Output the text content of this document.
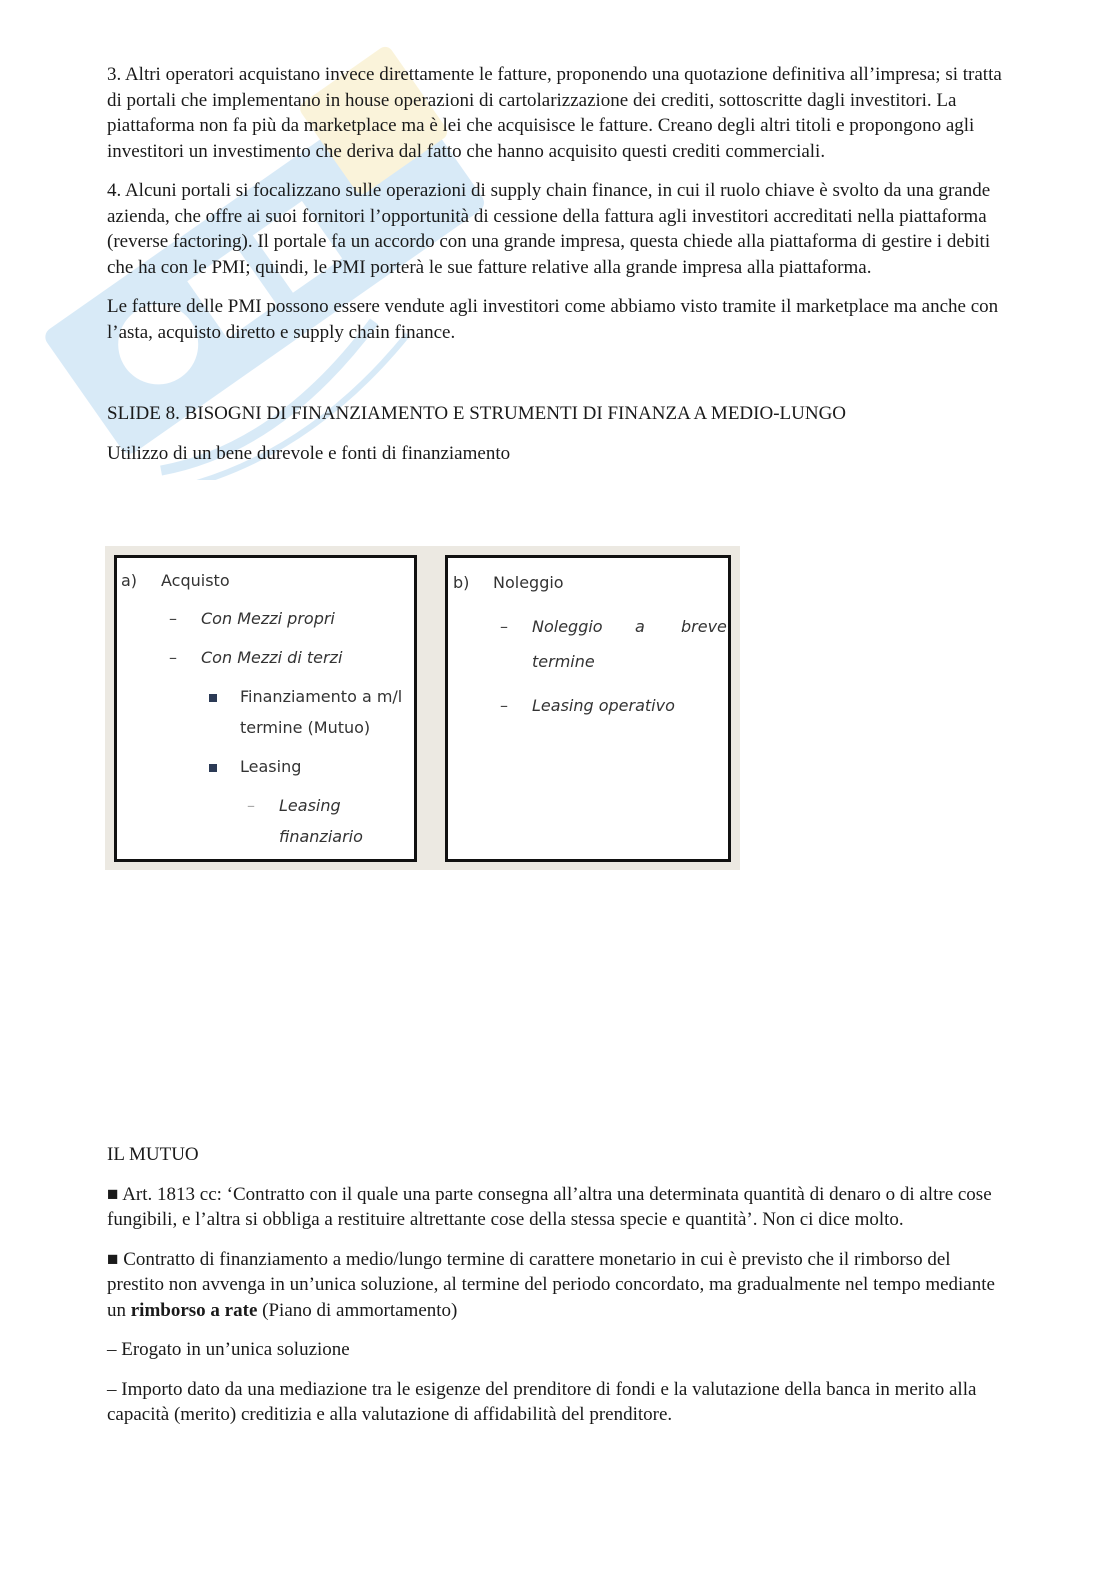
3. Altri operatori acquistano invece direttamente le fatture, proponendo una quotazione definitiva all’impresa; si tratta di portali che implementano in house operazioni di cartolarizzazione dei crediti, sottoscritte dagli investitori. La piattaforma non fa più da marketplace ma è lei che acquisisce le fatture. Creano degli altri titoli e propongono agli investitori un investimento che deriva dal fatto che hanno acquisito questi crediti commerciali.

4. Alcuni portali si focalizzano sulle operazioni di supply chain finance, in cui il ruolo chiave è svolto da una grande azienda, che offre ai suoi fornitori l’opportunità di cessione della fattura agli investitori accreditati nella piattaforma (reverse factoring). Il portale fa un accordo con una grande impresa, questa chiede alla piattaforma di gestire i debiti che ha con le PMI; quindi, le PMI porterà le sue fatture relative alla grande impresa alla piattaforma.

Le fatture delle PMI possono essere vendute agli investitori come abbiamo visto tramite il marketplace ma anche con l’asta, acquisto diretto e supply chain finance.

SLIDE 8. BISOGNI DI FINANZIAMENTO E STRUMENTI DI FINANZA A MEDIO-LUNGO

Utilizzo di un bene durevole e fonti di finanziamento

a) Acquisto
– Con Mezzi propri
– Con Mezzi di terzi
Finanziamento a m/l
termine (Mutuo)
Leasing
– Leasing
finanziario
b) Noleggio
– Noleggio a breve
termine
– Leasing operativo

IL MUTUO

■ Art. 1813 cc: ‘Contratto con il quale una parte consegna all’altra una determinata quantità di denaro o di altre cose fungibili, e l’altra si obbliga a restituire altrettante cose della stessa specie e quantità’. Non ci dice molto.

■ Contratto di finanziamento a medio/lungo termine di carattere monetario in cui è previsto che il rimborso del prestito non avvenga in un’unica soluzione, al termine del periodo concordato, ma gradualmente nel tempo mediante un rimborso a rate (Piano di ammortamento)

– Erogato in un’unica soluzione

– Importo dato da una mediazione tra le esigenze del prenditore di fondi e la valutazione della banca in merito alla capacità (merito) creditizia e alla valutazione di affidabilità del prenditore.
